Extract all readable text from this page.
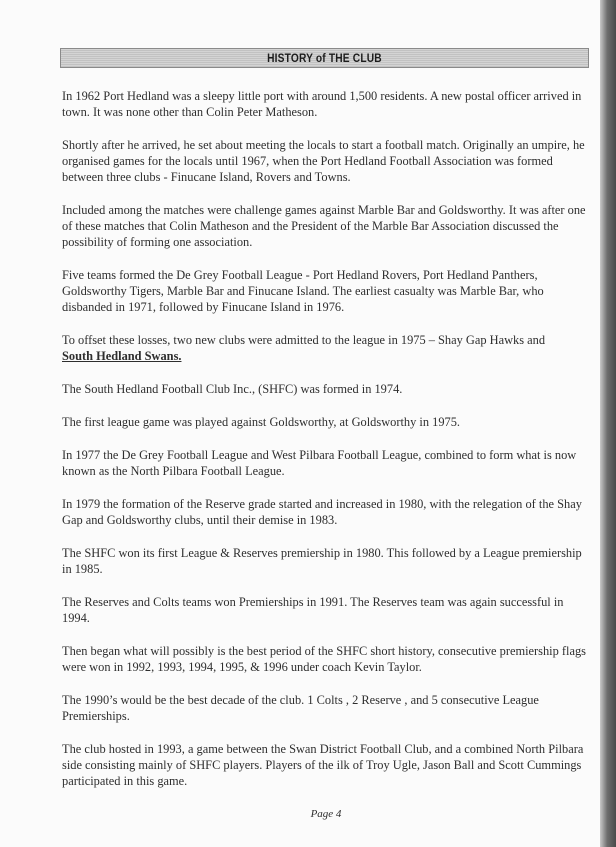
HISTORY of THE CLUB

In 1962 Port Hedland was a sleepy little port with around 1,500 residents. A new postal officer arrived in town. It was none other than Colin Peter Matheson.

Shortly after he arrived, he set about meeting the locals to start a football match. Originally an umpire, he organised games for the locals until 1967, when the Port Hedland Football Association was formed between three clubs - Finucane Island, Rovers and Towns.

Included among the matches were challenge games against Marble Bar and Goldsworthy. It was after one of these matches that Colin Matheson and the President of the Marble Bar Association discussed the possibility of forming one association.

Five teams formed the De Grey Football League - Port Hedland Rovers, Port Hedland Panthers, Goldsworthy Tigers, Marble Bar and Finucane Island. The earliest casualty was Marble Bar, who disbanded in 1971, followed by Finucane Island in 1976.

To offset these losses, two new clubs were admitted to the league in 1975 – Shay Gap Hawks and
South Hedland Swans.

The South Hedland Football Club Inc., (SHFC) was formed in 1974.

The first league game was played against Goldsworthy, at Goldsworthy in 1975.

In 1977 the De Grey Football League and West Pilbara Football League, combined to form what is now known as the North Pilbara Football League.

In 1979 the formation of the Reserve grade started and increased in 1980, with the relegation of the Shay Gap and Goldsworthy clubs, until their demise in 1983.

The SHFC won its first League & Reserves premiership in 1980. This followed by a League premiership in 1985.

The Reserves and Colts teams won Premierships in 1991. The Reserves team was again successful in 1994.

Then began what will possibly is the best period of the SHFC short history, consecutive premiership flags were won in 1992, 1993, 1994, 1995, & 1996 under coach Kevin Taylor.

The 1990’s would be the best decade of the club. 1 Colts , 2 Reserve , and 5 consecutive League Premierships.

The club hosted in 1993, a game between the Swan District Football Club, and a combined North Pilbara side consisting mainly of SHFC players. Players of the ilk of Troy Ugle, Jason Ball and Scott Cummings participated in this game.

Page 4
